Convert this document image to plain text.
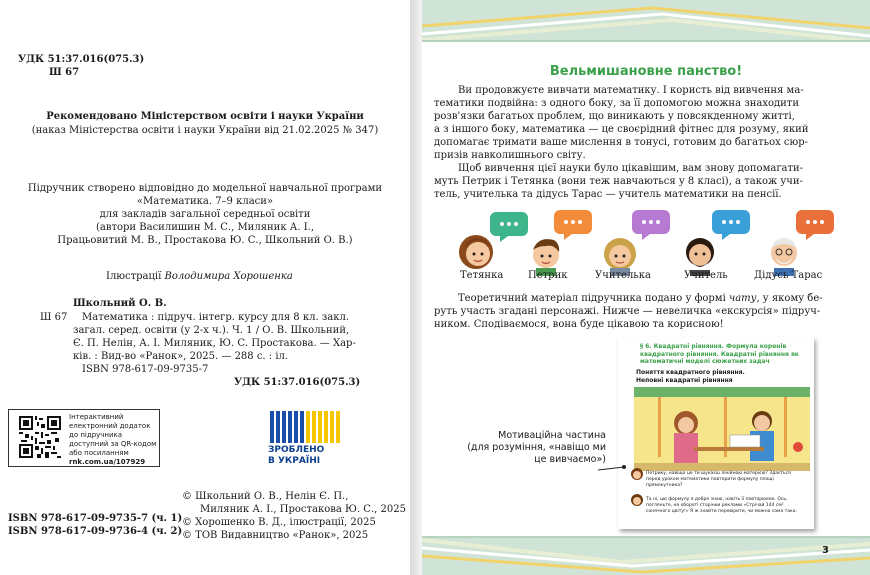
УДК 51:37.016(075.3)
Ш 67
Рекомендовано Міністерством освіти і науки України
(наказ Міністерства освіти і науки України від 21.02.2025 № 347)
Підручник створено відповідно до модельної навчальної програми
«Математика. 7–9 класи»
для закладів загальної середньої освіти
(автори Василишин М. С., Миляник А. І.,
Працьовитий М. В., Простакова Ю. С., Школьний О. В.)
Ілюстрації Володимира Хорошенка
Школьний О. В.
Ш 67 Математика : підруч. інтегр. курсу для 8 кл. закл.
загал. серед. освіти (у 2-х ч.). Ч. 1 / О. В. Школьний,
Є. П. Нелін, А. І. Миляник, Ю. С. Простакова. — Хар-
ків. : Вид-во «Ранок», 2025. — 288 с. : іл.
ISBN 978-617-09-9735-7
УДК 51:37.016(075.3)
Інтерактивний
електронний додаток
до підручника
доступний за QR-кодом
або посиланням
rnk.com.ua/107929
ЗРОБЛЕНО
В УКРАЇНІ
ISBN 978-617-09-9735-7 (ч. 1)
ISBN 978-617-09-9736-4 (ч. 2)
© Школьний О. В., Нелін Є. П.,
Миляник А. І., Простакова Ю. С., 2025
© Хорошенко В. Д., ілюстрації, 2025
© ТОВ Видавництво «Ранок», 2025
Вельмишановне панство!
Ви продовжуєте вивчати математику. І користь від вивчення ма-
тематики подвійна: з одного боку, за її допомогою можна знаходити
розв'язки багатьох проблем, що виникають у повсякденному житті,
а з іншого боку, математика — це своєрідний фітнес для розуму, який
допомагає тримати ваше мислення в тонусі, готовим до багатьох сюр-
призів навколишнього світу.
Щоб вивчення цієї науки було цікавішим, вам знову допомагати-
муть Петрик і Тетянка (вони теж навчаються у 8 класі), а також учи-
тель, учителька та дідусь Тарас — учитель математики на пенсії.
Тетянка Петрик	Учителька	Учитель	Дідусь Тарас
Теоретичний матеріал підручника подано у формі чату, у якому бе-
руть участь згадані персонажі. Нижче — невеличка «екскурсія» підруч-
ником. Сподіваємося, вона буде цікавою та корисною!
§ 6. Квадратні рівняння. Формула коренів квадратного рівняння. Квадратні рівняння як математичні моделі сюжетних задач
Поняття квадратного рівняння.
Неповні квадратні рівняння
Петрику, навіщо це ти шукаєш лінійною матерією? Здається перед уроком математики повторити формулу площі прямокутника?
Та ні, цю формулу я добре знаю, навіть її повторюємо. Ось, погляньте, на обороті сторінки реклами «Стрічай 144 см² сонячного цвіту!» Я ж знайти перевірити, чи можна сама така.
Мотиваційна частина
(для розуміння, «навіщо ми
це вивчаємо»)
3
